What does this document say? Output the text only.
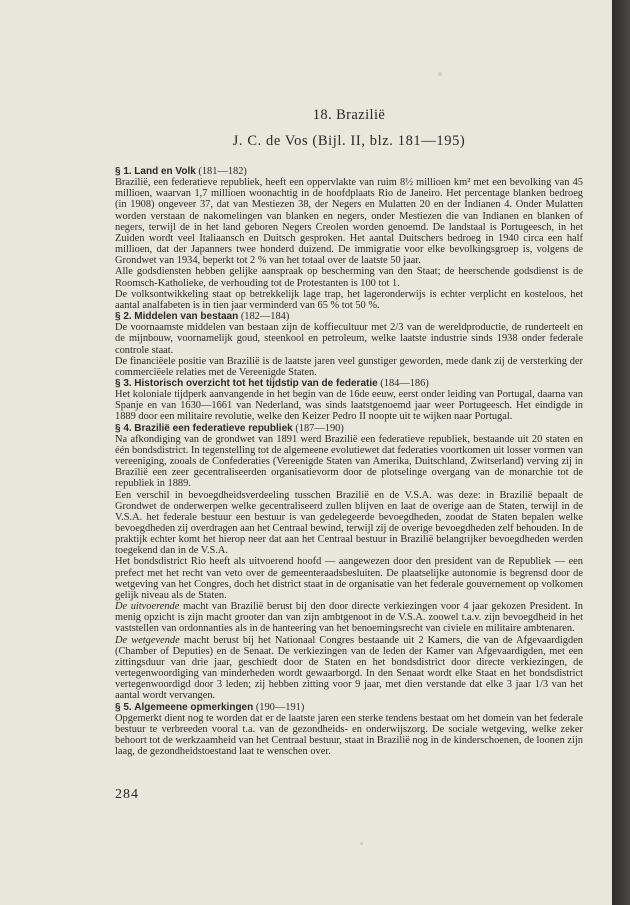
18. Brazilië
J. C. de Vos (Bijl. II, blz. 181—195)

§ 1. Land en Volk (181—182)

Brazilië, een federatieve republiek, heeft een oppervlakte van ruim 8½ millioen km² met een bevolking van 45 millioen, waarvan 1,7 millioen woonachtig in de hoofdplaats Rio de Janeiro. Het percentage blanken bedroeg (in 1908) ongeveer 37, dat van Mestiezen 38, der Negers en Mulatten 20 en der Indianen 4. Onder Mulatten worden verstaan de nakomelingen van blanken en negers, onder Mestiezen die van Indianen en blanken of negers, terwijl de in het land geboren Negers Creolen worden genoemd. De landstaal is Portugeesch, in het Zuiden wordt veel Italiaansch en Duitsch gesproken. Het aantal Duitschers bedroeg in 1940 circa een half millioen, dat der Japanners twee honderd duizend. De immigratie voor elke bevolkingsgroep is, volgens de Grondwet van 1934, beperkt tot 2 % van het totaal over de laatste 50 jaar.

Alle godsdiensten hebben gelijke aanspraak op bescherming van den Staat; de heerschende godsdienst is de Roomsch-Katholieke, de verhouding tot de Protestanten is 100 tot 1.

De volksontwikkeling staat op betrekkelijk lage trap, het lageronderwijs is echter verplicht en kosteloos, het aantal analfabeten is in tien jaar verminderd van 65 % tot 50 %.

§ 2. Middelen van bestaan (182—184)

De voornaamste middelen van bestaan zijn de koffiecultuur met 2/3 van de wereldproductie, de runderteelt en de mijnbouw, voornamelijk goud, steenkool en petroleum, welke laatste industrie sinds 1938 onder federale controle staat.

De financiëele positie van Brazilië is de laatste jaren veel gunstiger geworden, mede dank zij de versterking der commerciëele relaties met de Vereenigde Staten.

§ 3. Historisch overzicht tot het tijdstip van de federatie (184—186)

Het koloniale tijdperk aanvangende in het begin van de 16de eeuw, eerst onder leiding van Portugal, daarna van Spanje en van 1630—1661 van Nederland, was sinds laatstgenoemd jaar weer Portugeesch. Het eindigde in 1889 door een militaire revolutie, welke den Keizer Pedro II noopte uit te wijken naar Portugal.

§ 4. Brazilië een federatieve republiek (187—190)

Na afkondiging van de grondwet van 1891 werd Brazilië een federatieve republiek, bestaande uit 20 staten en één bondsdistrict. In tegenstelling tot de algemeene evolutiewet dat federaties voortkomen uit losser vormen van vereeniging, zooals de Confederaties (Vereenigde Staten van Amerika, Duitschland, Zwitserland) verving zij in Brazilië een zeer gecentraliseerden organisatievorm door de plotselinge overgang van de monarchie tot de republiek in 1889.

Een verschil in bevoegdheidsverdeeling tusschen Brazilië en de V.S.A. was deze: in Brazilië bepaalt de Grondwet de onderwerpen welke gecentraliseerd zullen blijven en laat de overige aan de Staten, terwijl in de V.S.A. het federale bestuur een bestuur is van gedelegeerde bevoegdheden, zoodat de Staten bepalen welke bevoegdheden zij overdragen aan het Centraal bewind, terwijl zij de overige bevoegdheden zelf behouden. In de praktijk echter komt het hierop neer dat aan het Centraal bestuur in Brazilië belangrijker bevoegdheden werden toegekend dan in de V.S.A.

Het bondsdistrict Rio heeft als uitvoerend hoofd — aangewezen door den president van de Republiek — een prefect met het recht van veto over de gemeenteraadsbesluiten. De plaatselijke autonomie is begrensd door de wetgeving van het Congres, doch het district staat in de organisatie van het federale gouvernement op volkomen gelijk niveau als de Staten.

De uitvoerende macht van Brazilië berust bij den door directe verkiezingen voor 4 jaar gekozen President. In menig opzicht is zijn macht grooter dan van zijn ambtgenoot in de V.S.A. zoowel t.a.v. zijn bevoegdheid in het vaststellen van ordonnanties als in de hanteering van het benoemingsrecht van civiele en militaire ambtenaren.

De wetgevende macht berust bij het Nationaal Congres bestaande uit 2 Kamers, die van de Afgevaardigden (Chamber of Deputies) en de Senaat. De verkiezingen van de leden der Kamer van Afgevaardigden, met een zittingsduur van drie jaar, geschiedt door de Staten en het bondsdistrict door directe verkiezingen, de vertegenwoordiging van minderheden wordt gewaarborgd. In den Senaat wordt elke Staat en het bondsdistrict vertegenwoordigd door 3 leden; zij hebben zitting voor 9 jaar, met dien verstande dat elke 3 jaar 1/3 van het aantal wordt vervangen.

§ 5. Algemeene opmerkingen (190—191)

Opgemerkt dient nog te worden dat er de laatste jaren een sterke tendens bestaat om het domein van het federale bestuur te verbreeden vooral t.a. van de gezondheids- en onderwijszorg. De sociale wetgeving, welke zeker behoort tot de werkzaamheid van het Centraal bestuur, staat in Brazilië nog in de kinderschoenen, de loonen zijn laag, de gezondheidstoestand laat te wenschen over.

284
